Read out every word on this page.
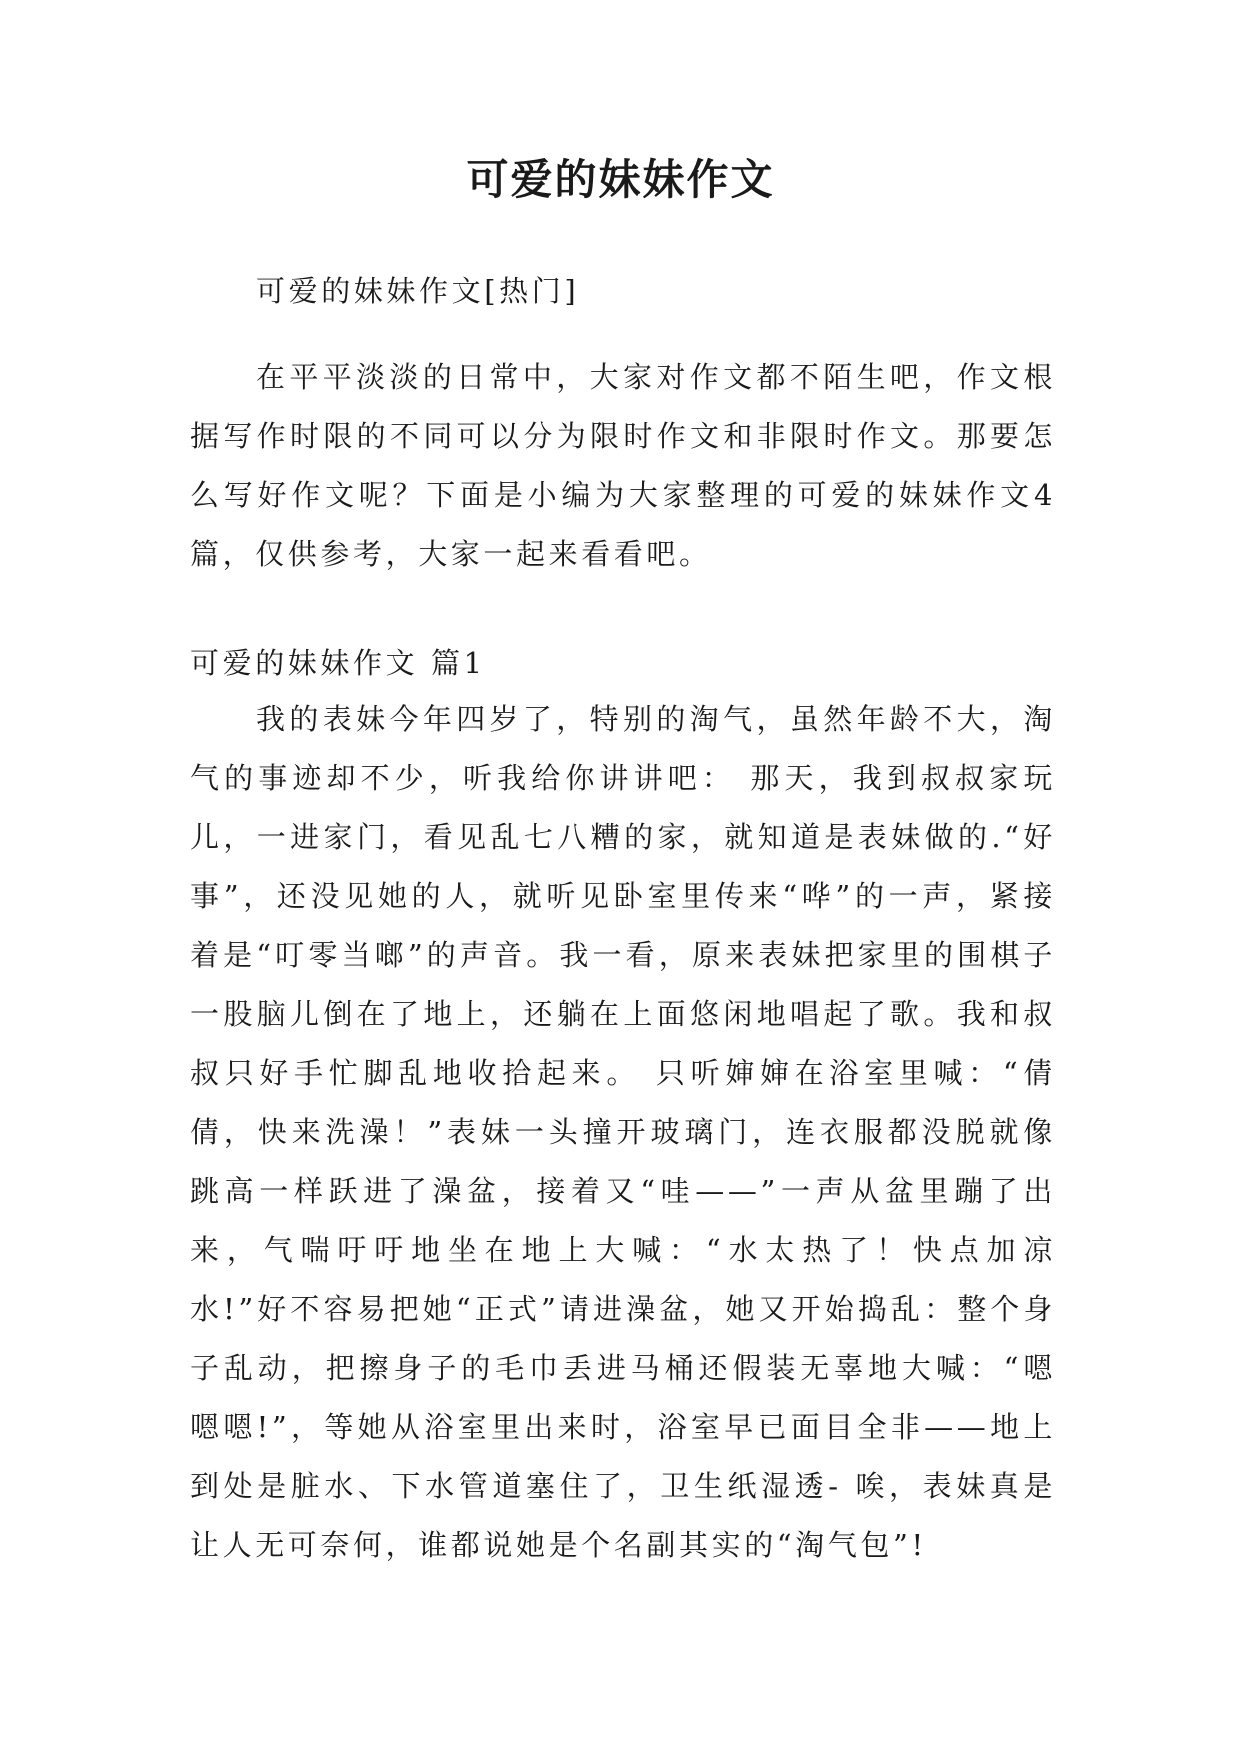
可爱的妹妹作文

可爱的妹妹作文[热门]

在平平淡淡的日常中，大家对作文都不陌生吧，作文根据写作时限的不同可以分为限时作文和非限时作文。那要怎么写好作文呢？下面是小编为大家整理的可爱的妹妹作文4篇，仅供参考，大家一起来看看吧。

可爱的妹妹作文 篇1

我的表妹今年四岁了，特别的淘气，虽然年龄不大，淘气的事迹却不少，听我给你讲讲吧： 那天，我到叔叔家玩儿，一进家门，看见乱七八糟的家，就知道是表妹做的.“好事”，还没见她的人，就听见卧室里传来“哗”的一声，紧接着是“叮零当啷”的声音。我一看，原来表妹把家里的围棋子一股脑儿倒在了地上，还躺在上面悠闲地唱起了歌。我和叔叔只好手忙脚乱地收拾起来。 只听婶婶在浴室里喊：“倩倩，快来洗澡！”表妹一头撞开玻璃门，连衣服都没脱就像跳高一样跃进了澡盆，接着又“哇——”一声从盆里蹦了出来，气喘吁吁地坐在地上大喊：“水太热了！快点加凉水!”好不容易把她“正式”请进澡盆，她又开始捣乱：整个身子乱动，把擦身子的毛巾丢进马桶还假装无辜地大喊：“嗯嗯嗯!”，等她从浴室里出来时，浴室早已面目全非——地上到处是脏水、下水管道塞住了，卫生纸湿透- 唉，表妹真是让人无可奈何，谁都说她是个名副其实的“淘气包”!
